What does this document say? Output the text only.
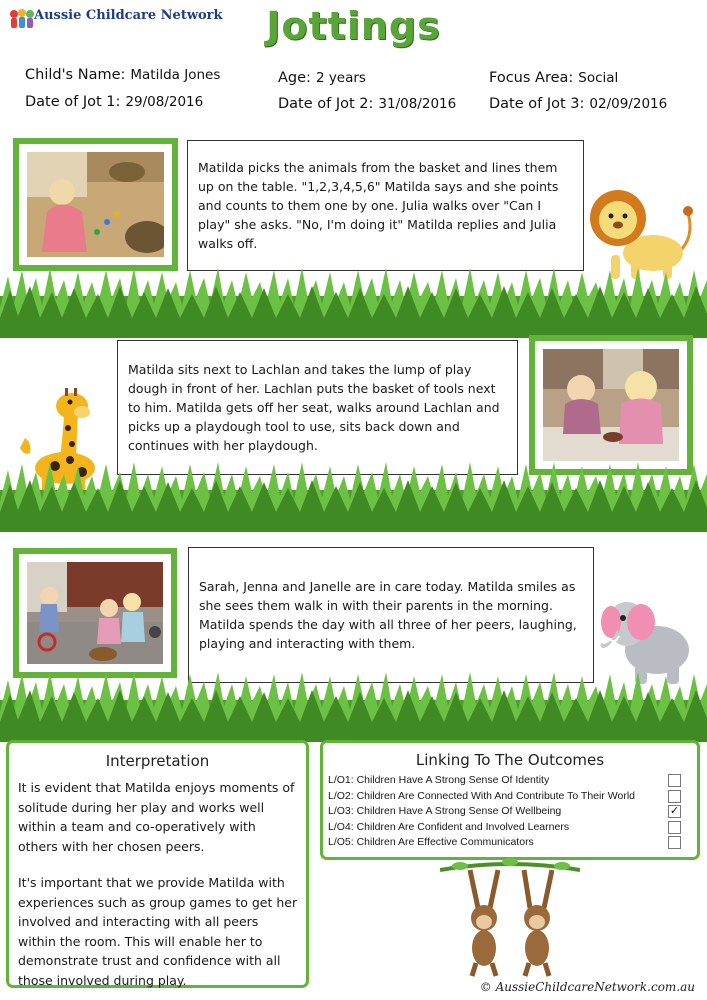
Aussie Childcare Network	Jottings
Child's Name: Matilda Jones	Age: 2 years	Focus Area: Social
Date of Jot 1: 29/08/2016	Date of Jot 2: 31/08/2016 Date of Jot 3: 02/09/2016
Matilda picks the animals from the basket and lines them up on the table. "1,2,3,4,5,6" Matilda says and she points and counts to them one by one. Julia walks over "Can I play" she asks. "No, I'm doing it" Matilda replies and Julia walks off.
Matilda sits next to Lachlan and takes the lump of play dough in front of her. Lachlan puts the basket of tools next to him. Matilda gets off her seat, walks around Lachlan and picks up a playdough tool to use, sits back down and continues with her playdough.
Sarah, Jenna and Janelle are in care today. Matilda smiles as she sees them walk in with their parents in the morning. Matilda spends the day with all three of her peers, laughing, playing and interacting with them.
Interpretation
It is evident that Matilda enjoys moments of solitude during her play and works well within a team and co-operatively with others with her chosen peers.
It's important that we provide Matilda with experiences such as group games to get her involved and interacting with all peers within the room. This will enable her to demonstrate trust and confidence with all those involved during play.
Linking To The Outcomes
L/O1: Children Have A Strong Sense Of Identity
L/O2: Children Are Connected With And Contribute To Their World
L/O3: Children Have A Strong Sense Of Wellbeing	✓
L/O4: Children Are Confident and Involved Learners
L/O5: Children Are Effective Communicators
© AussieChildcareNetwork.com.au
